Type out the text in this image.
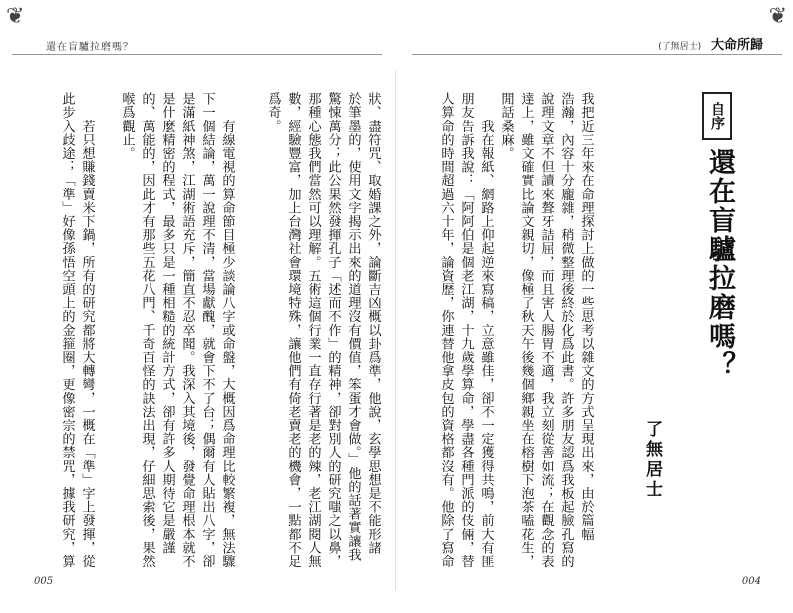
❦	❦
還在盲驢拉磨嗎？	(了無居士) 大命所歸
自序
還在盲驢拉磨嗎？
了無居士
我把近三年來在命理探討上做的一些思考以雜文的方式呈現出來，由於篇幅
浩瀚，內容十分龐雜，稍微整理後終於化爲此書。許多朋友認爲我板起臉孔寫的
說理文章不但讀來聱牙詰屈，而且害人腸胃不適，我立刻從善如流；在觀念的表
達上，雖文確實比論文親切，像極了秋天午後幾個鄉親坐在榕樹下泡茶嗑花生，
閒話桑麻。
　　我在報紙、網路上仰起逆來寫稿，立意雖佳，卻不一定獲得共鳴，前大有匪
朋友告訴我說：「阿阿伯是個老江湖，十九歲學算命，學盡各種門派的伎倆，替
人算命的時間超過六十年，論資歷，你連替他拿皮包的資格都沒有。他除了寫命
004
狀、盡符咒、取婚課之外，論斷吉凶概以卦爲準，他說，玄學思想是不能形諸
於筆墨的，使用文字揭示出來的道理沒有價值，笨蛋才會做。」他的話著實讓我
驚悚萬分；此公果然發揮孔子「述而不作」的精神，卻對別人的研究嗤之以鼻，
那種心態我們當然可以理解。五術這個行業一直存行著是老的辣，老江湖閱人無
數，經驗豐富，加上台灣社會環境特殊，讓他們有倚老賣老的機會，一點都不足
爲奇。
　　有線電視的算命節目極少談論八字或命盤，大概因爲命理比較繁複，無法驟
下一個結論，萬一說理不清，當場獻醜，就會下不了台；偶爾有人貼出八字，卻
是滿紙神煞，江湖術語充斥，簡直不忍卒聞。我深入其境後，發覺命理根本就不
是什麼精密的程式，最多只是一種相糙的統計方式，卻有許多人期待它是嚴謹
的、萬能的，因此才有那些五花八門、千奇百怪的訣法出現，仔細思索後，果然
喉爲觀止。
　　若只想賺錢賣米下鍋，所有的研究都將大轉彎，一概在「準」字上發揮，從
此步入歧途；「準」好像孫悟空頭上的金箍圈，更像密宗的禁咒，據我研究，算
005
